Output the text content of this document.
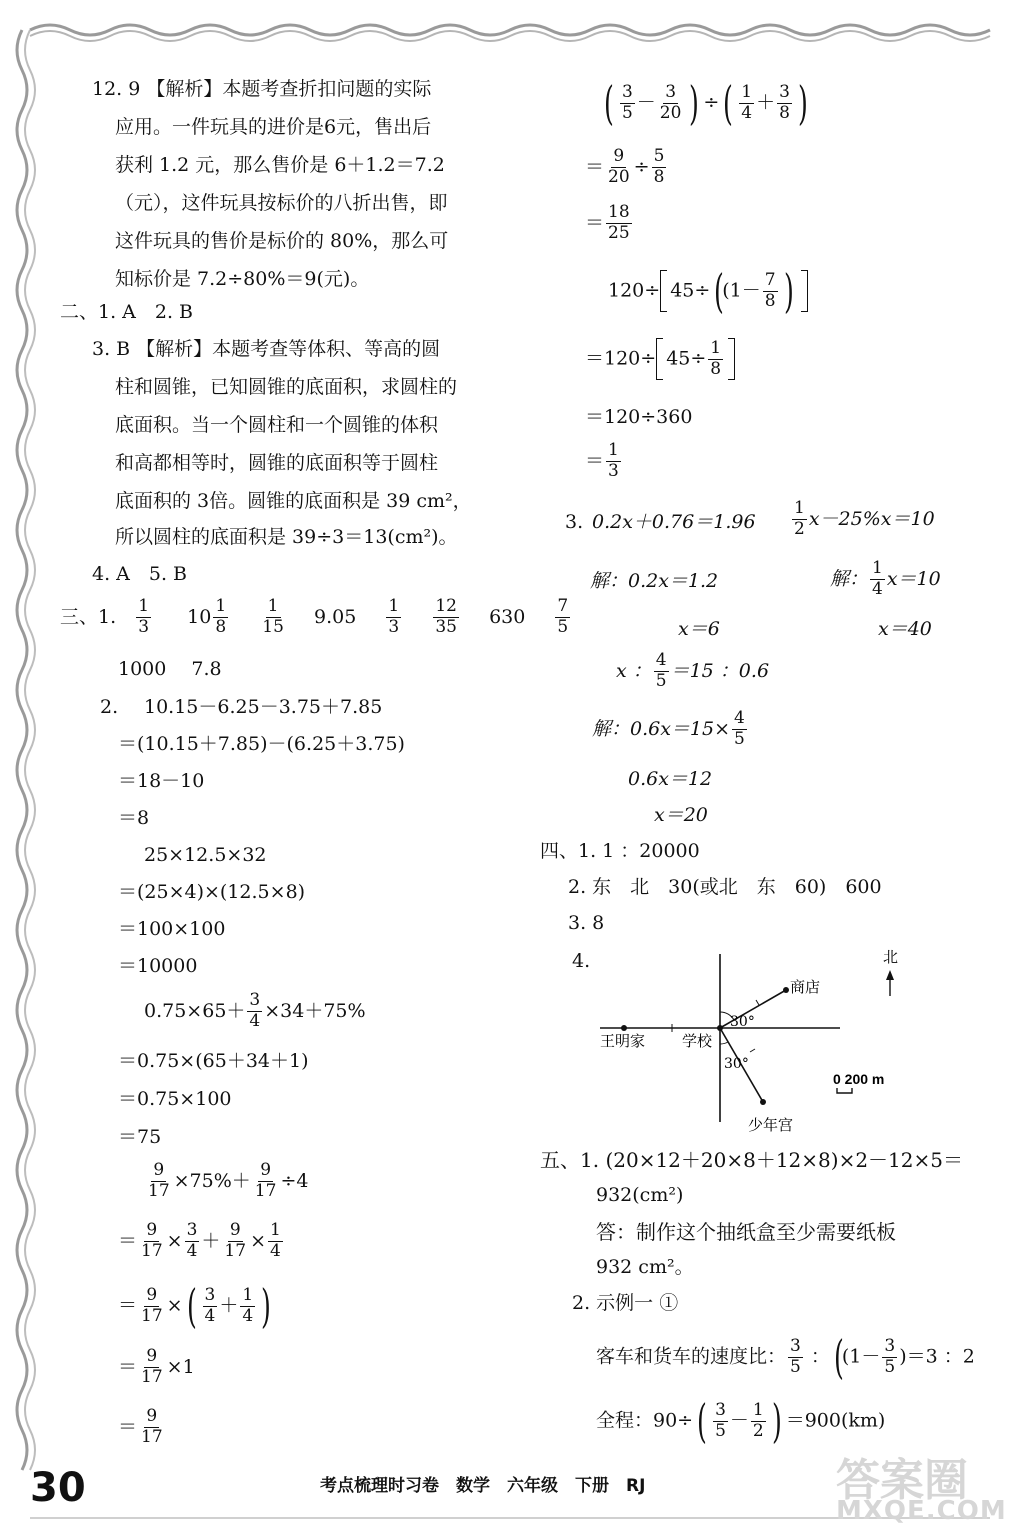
12. 9 【解析】本题考查折扣问题的实际
应用。一件玩具的进价是6元，售出后
获利 1.2 元，那么售价是 6＋1.2＝7.2
（元），这件玩具按标价的八折出售，即
这件玩具的售价是标价的 80%，那么可
知标价是 7.2÷80%＝9(元)。
二、1. A　2. B
3. B 【解析】本题考查等体积、等高的圆
柱和圆锥，已知圆锥的底面积，求圆柱的
底面积。当一个圆柱和一个圆锥的体积
和高都相等时，圆锥的底面积等于圆柱
底面积的 3倍。圆锥的底面积是 39 cm²，
所以圆柱的底面积是 39÷3＝13(cm²)。
4. A　5. B
三、1. $\frac{1}{3} 10 \frac{1}{8}$
$\frac{1}{15} 9.05 \frac{1}{3}$
$\frac{12}{35} 630 \frac{7}{5}$
1000　 7.8
2. 10.15－6.25－3.75＋7.85
＝(10.15＋7.85)－(6.25＋3.75)
＝18－10
＝8
25×12.5×32
＝(25×4)×(12.5×8)
＝100×100
＝10000
$0.75\times 65+ \frac{3}{4} \times 34+75\%$
＝0.75×(65＋34＋1)
＝0.75×100
＝75
$\frac{9}{17} \times 75\%+ \frac{9}{17} \div 4$
＝ $\frac{9}{17} \times \frac{3}{4} + \frac{9}{17} \times \frac{1}{4}$
＝ $\frac{9}{17}$ ×( $\frac{3}{4} + \frac{1}{4}$ )
＝ $\frac{9}{17} \times 1$
＝ $\frac{9}{17}$
( $\frac{3}{5} - \frac{3}{20}$ ) ÷( $\frac{1}{4} + \frac{3}{8}$ )
＝ $\frac{9}{20} \div \frac{5}{8}$
＝ $\frac{18}{25}$
$120\div 45\div((1- \frac{7}{8}$ )
$=120\div 45\div \frac{1}{8}$
＝120÷360
＝ $\frac{1}{3}$
3. $0.2x+0.76=1.96 \frac{1}{2} x-25\%x=10$
解：0.2x＝1.2	解： $\frac{1}{4} x=10$
x＝6	x＝40
x ： $\frac{4}{5} =15$ ：0.6
解：$0.6x=15\times \frac{4}{5}$
0.6x＝12
x＝20
四、1. 1 ：20000
2. 东　北　30(或北　东　60)　600
3. 8
4.	北
商店
学校
王明家
少年宫
30°
30°
0 200 m
五、1. (20×12＋20×8＋12×8)×2－12×5＝
932(cm²)
答：制作这个抽纸盒至少需要纸板
932 cm²。
2. 示例一 ①
客车和货车的速度比： $\frac{3}{5}$ ：($(1- \frac{3}{5} )=3$ ：2
全程：$90\div( \frac{3}{5} - \frac{1}{2}$ ) ＝900(km)
30	考点梳理时习卷　数学　六年级　下册　RJ	答案圈
MXQE.COM
